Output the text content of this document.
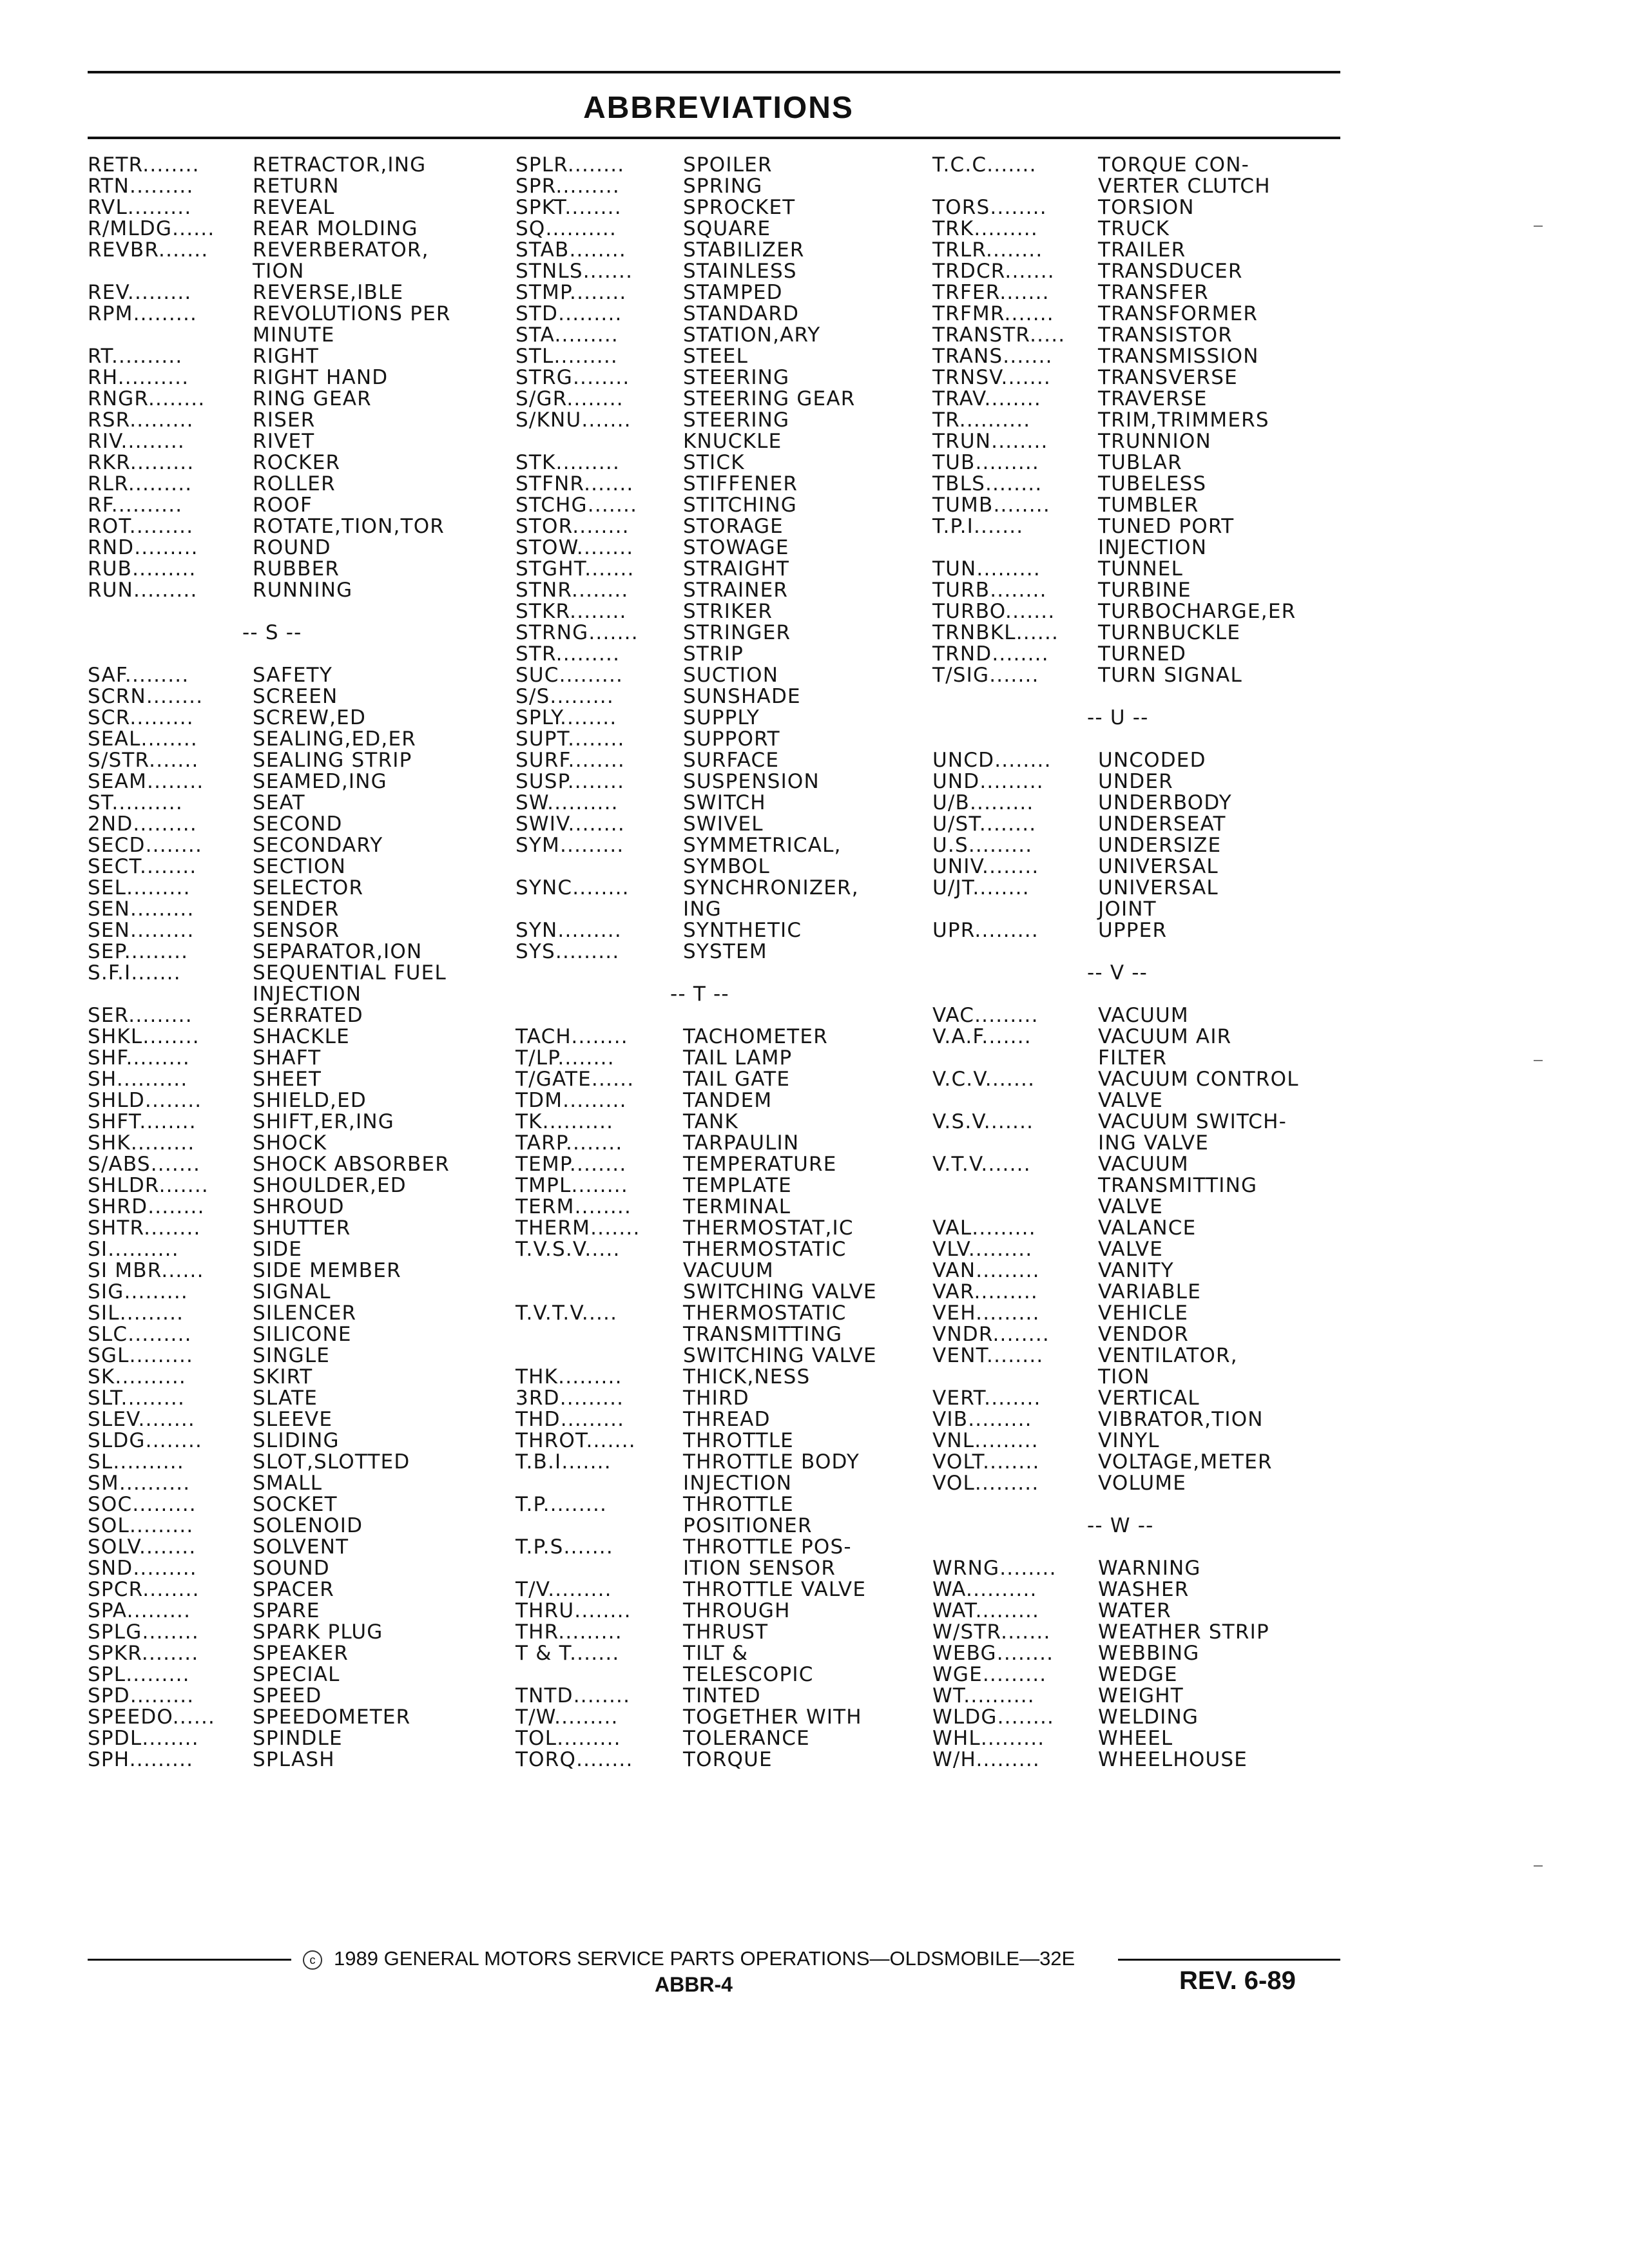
ABBREVIATIONS
RETR........	RETRACTOR,ING
RTN.........	RETURN
RVL.........	REVEAL
R/MLDG...... REAR MOLDING
REVBR....... REVERBERATOR,
TION
REV.........	REVERSE,IBLE
RPM.........	REVOLUTIONS PER
MINUTE
RT..........	RIGHT
RH..........	RIGHT HAND
RNGR........ RING GEAR
RSR.........	RISER
RIV.........	RIVET
RKR.........	ROCKER
RLR.........	ROLLER
RF..........	ROOF
ROT.........	ROTATE,TION,TOR
RND.........	ROUND
RUB.........	RUBBER
RUN.........	RUNNING
-- S --
SAF.........	SAFETY
SCRN........ SCREEN
SCR.........	SCREW,ED
SEAL........	SEALING,ED,ER
S/STR.......	SEALING STRIP
SEAM........ SEAMED,ING
ST..........	SEAT
2ND.........	SECOND
SECD........	SECONDARY
SECT........	SECTION
SEL.........	SELECTOR
SEN.........	SENDER
SEN.........	SENSOR
SEP.........	SEPARATOR,ION
S.F.I.......	SEQUENTIAL FUEL
INJECTION
SER.........	SERRATED
SHKL........	SHACKLE
SHF.........	SHAFT
SH..........	SHEET
SHLD........	SHIELD,ED
SHFT........	SHIFT,ER,ING
SHK.........	SHOCK
S/ABS.......	SHOCK ABSORBER
SHLDR....... SHOULDER,ED
SHRD........ SHROUD
SHTR........	SHUTTER
SI..........	SIDE
SI MBR...... SIDE MEMBER
SIG.........	SIGNAL
SIL.........	SILENCER
SLC.........	SILICONE
SGL.........	SINGLE
SK..........	SKIRT
SLT.........	SLATE
SLEV........	SLEEVE
SLDG........	SLIDING
SL..........	SLOT,SLOTTED
SM..........	SMALL
SOC.........	SOCKET
SOL.........	SOLENOID
SOLV........	SOLVENT
SND.........	SOUND
SPCR........	SPACER
SPA.........	SPARE
SPLG........	SPARK PLUG
SPKR........	SPEAKER
SPL.........	SPECIAL
SPD.........	SPEED
SPEEDO...... SPEEDOMETER
SPDL........	SPINDLE
SPH.........	SPLASH
SPLR........	SPOILER
SPR.........	SPRING
SPKT........	SPROCKET
SQ..........	SQUARE
STAB........	STABILIZER
STNLS.......	STAINLESS
STMP........	STAMPED
STD.........	STANDARD
STA.........	STATION,ARY
STL.........	STEEL
STRG........	STEERING
S/GR........	STEERING GEAR
S/KNU.......	STEERING
KNUCKLE
STK.........	STICK
STFNR....... STIFFENER
STCHG....... STITCHING
STOR........	STORAGE
STOW........ STOWAGE
STGHT....... STRAIGHT
STNR........	STRAINER
STKR........	STRIKER
STRNG....... STRINGER
STR.........	STRIP
SUC.........	SUCTION
S/S.........	SUNSHADE
SPLY........	SUPPLY
SUPT........	SUPPORT
SURF........	SURFACE
SUSP........	SUSPENSION
SW..........	SWITCH
SWIV........	SWIVEL
SYM.........	SYMMETRICAL,
SYMBOL
SYNC........	SYNCHRONIZER,
ING
SYN.........	SYNTHETIC
SYS.........	SYSTEM
-- T --
TACH........	TACHOMETER
T/LP........	TAIL LAMP
T/GATE...... TAIL GATE
TDM.........	TANDEM
TK..........	TANK
TARP........	TARPAULIN
TEMP........	TEMPERATURE
TMPL........	TEMPLATE
TERM........	TERMINAL
THERM....... THERMOSTAT,IC
T.V.S.V.....	THERMOSTATIC
VACUUM
SWITCHING VALVE
T.V.T.V.....	THERMOSTATIC
TRANSMITTING
SWITCHING VALVE
THK.........	THICK,NESS
3RD.........	THIRD
THD.........	THREAD
THROT....... THROTTLE
T.B.I.......	THROTTLE BODY
INJECTION
T.P.........	THROTTLE
POSITIONER
T.P.S.......	THROTTLE POS-
ITION SENSOR
T/V.........	THROTTLE VALVE
THRU........	THROUGH
THR.........	THRUST
T & T.......	TILT &
TELESCOPIC
TNTD........	TINTED
T/W.........	TOGETHER WITH
TOL.........	TOLERANCE
TORQ........ TORQUE
T.C.C.......	TORQUE CON-
VERTER CLUTCH
TORS........	TORSION
TRK.........	TRUCK
TRLR........	TRAILER
TRDCR....... TRANSDUCER
TRFER....... TRANSFER
TRFMR....... TRANSFORMER
TRANSTR..... TRANSISTOR
TRANS....... TRANSMISSION
TRNSV....... TRANSVERSE
TRAV........	TRAVERSE
TR..........	TRIM,TRIMMERS
TRUN........ TRUNNION
TUB.........	TUBLAR
TBLS........	TUBELESS
TUMB........ TUMBLER
T.P.I.......	TUNED PORT
INJECTION
TUN.........	TUNNEL
TURB........	TURBINE
TURBO....... TURBOCHARGE,ER
TRNBKL...... TURNBUCKLE
TRND........ TURNED
T/SIG.......	TURN SIGNAL
-- U --
UNCD........ UNCODED
UND.........	UNDER
U/B.........	UNDERBODY
U/ST........	UNDERSEAT
U.S.........	UNDERSIZE
UNIV........	UNIVERSAL
U/JT........	UNIVERSAL
JOINT
UPR.........	UPPER
-- V --
VAC.........	VACUUM
V.A.F.......	VACUUM AIR
FILTER
V.C.V.......	VACUUM CONTROL
VALVE
V.S.V.......	VACUUM SWITCH-
ING VALVE
V.T.V.......	VACUUM
TRANSMITTING
VALVE
VAL.........	VALANCE
VLV.........	VALVE
VAN.........	VANITY
VAR.........	VARIABLE
VEH.........	VEHICLE
VNDR........ VENDOR
VENT........	VENTILATOR,
TION
VERT........	VERTICAL
VIB.........	VIBRATOR,TION
VNL.........	VINYL
VOLT........	VOLTAGE,METER
VOL.........	VOLUME
-- W --
WRNG........ WARNING
WA..........	WASHER
WAT.........	WATER
W/STR....... WEATHER STRIP
WEBG........ WEBBING
WGE.........	WEDGE
WT..........	WEIGHT
WLDG........ WELDING
WHL.........	WHEEL
W/H.........	WHEELHOUSE
c 1989 GENERAL MOTORS SERVICE PARTS OPERATIONS—OLDSMOBILE—32E
ABBR-4	REV. 6-89
